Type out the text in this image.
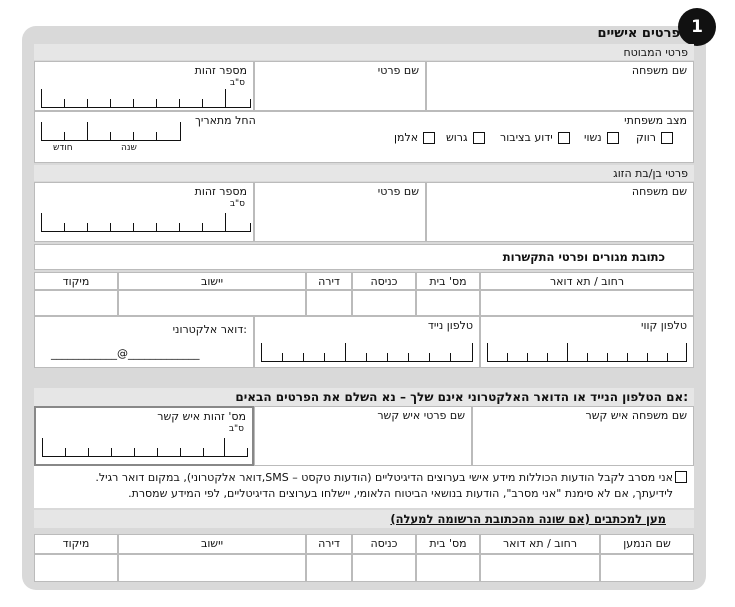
1
פרטים אישיים
פרטי המבוטח
שם משפחה
שם פרטי
מספר זהות
ס"ב
מצב משפחתי
החל מתאריך
שנה
חודש
רווק
נשוי
ידוע בציבור
גרוש
אלמן
פרטי בן/בת הזוג
שם משפחה
שם פרטי
מספר זהות
ס"ב
כתובת מגורים ופרטי התקשרות
רחוב / תא דואר
מס' בית
כניסה
דירה
יישוב
מיקוד
טלפון קווי
טלפון נייד
דואר אלקטרוני:
____________@_____________
אם הטלפון הנייד או הדואר האלקטרוני אינם שלך – נא השלם את הפרטים הבאים:
שם משפחה איש קשר
שם פרטי איש קשר
מס' זהות איש קשר
ס"ב
אני מסרב לקבל הודעות הכוללות מידע אישי בערוצים הדיגיטליים (הודעות טקסט – SMS,דואר אלקטרוני), במקום דואר רגיל.
לידיעתך, אם לא סימנת "אני מסרב", הודעות בנושאי הביטוח הלאומי, יישלחו בערוצים הדיגיטליים, לפי המידע שמסרת.
מען למכתבים (אם שונה מהכתובת הרשומה למעלה)
שם הנמען
רחוב / תא דואר
מס' בית
כניסה
דירה
יישוב
מיקוד
